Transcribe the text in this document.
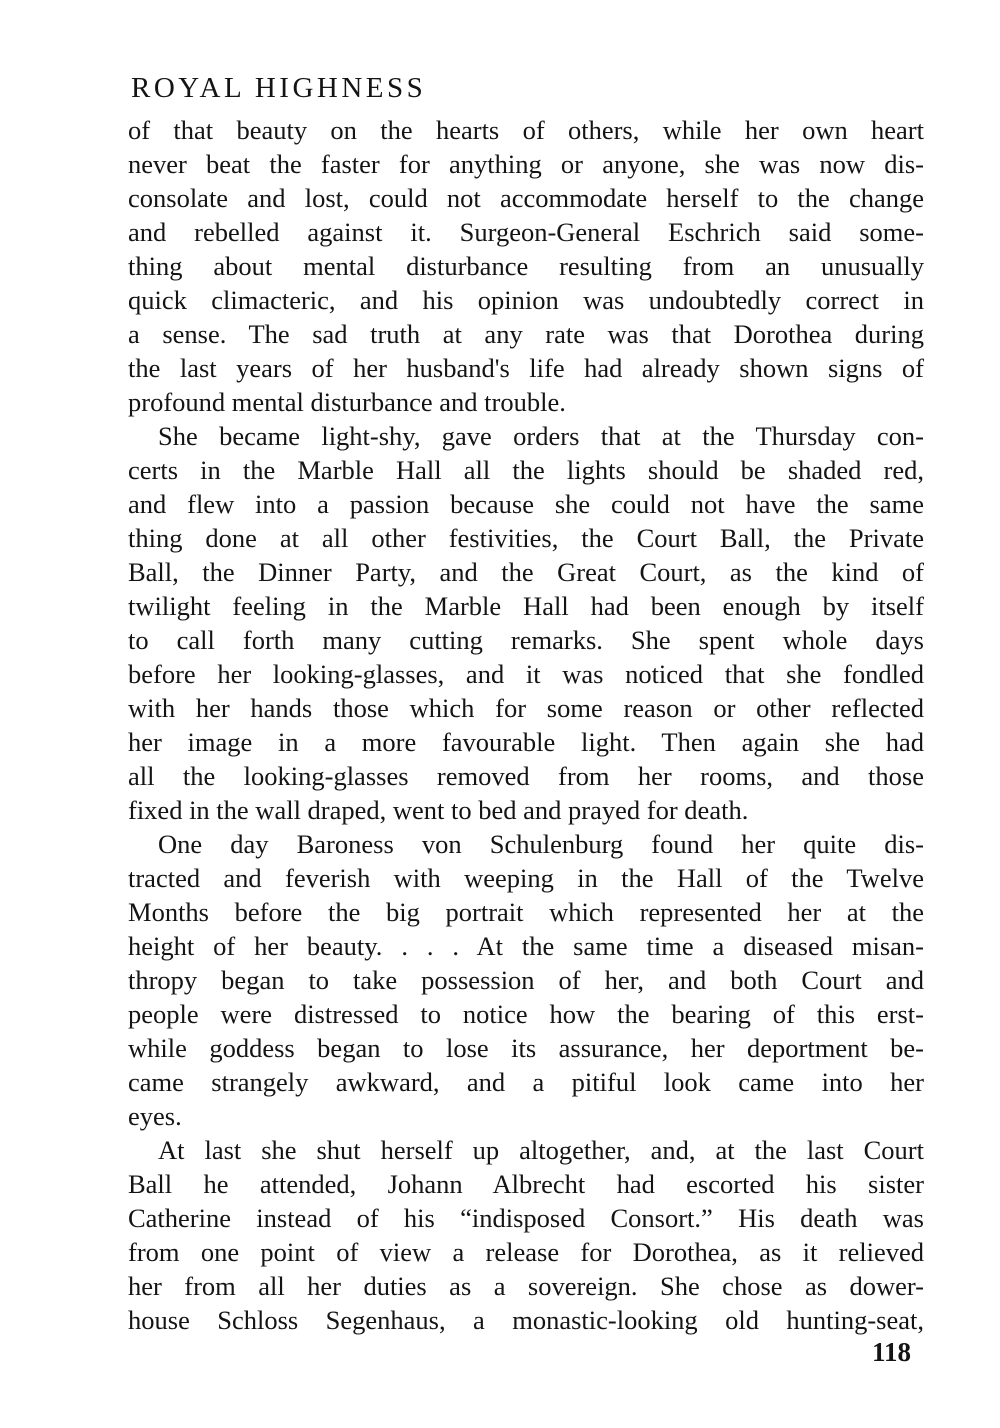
ROYAL HIGHNESS

of that beauty on the hearts of others, while her own heart
never beat the faster for anything or anyone, she was now dis-
consolate and lost, could not accommodate herself to the change
and rebelled against it. Surgeon-General Eschrich said some-
thing about mental disturbance resulting from an unusually
quick climacteric, and his opinion was undoubtedly correct in
a sense. The sad truth at any rate was that Dorothea during
the last years of her husband's life had already shown signs of
profound mental disturbance and trouble.

She became light-shy, gave orders that at the Thursday con-
certs in the Marble Hall all the lights should be shaded red,
and flew into a passion because she could not have the same
thing done at all other festivities, the Court Ball, the Private
Ball, the Dinner Party, and the Great Court, as the kind of
twilight feeling in the Marble Hall had been enough by itself
to call forth many cutting remarks. She spent whole days
before her looking-glasses, and it was noticed that she fondled
with her hands those which for some reason or other reflected
her image in a more favourable light. Then again she had
all the looking-glasses removed from her rooms, and those
fixed in the wall draped, went to bed and prayed for death.

One day Baroness von Schulenburg found her quite dis-
tracted and feverish with weeping in the Hall of the Twelve
Months before the big portrait which represented her at the
height of her beauty. . . . At the same time a diseased misan-
thropy began to take possession of her, and both Court and
people were distressed to notice how the bearing of this erst-
while goddess began to lose its assurance, her deportment be-
came strangely awkward, and a pitiful look came into her
eyes.

At last she shut herself up altogether, and, at the last Court
Ball he attended, Johann Albrecht had escorted his sister
Catherine instead of his “indisposed Consort.” His death was
from one point of view a release for Dorothea, as it relieved
her from all her duties as a sovereign. She chose as dower-
house Schloss Segenhaus, a monastic-looking old hunting-seat,

118
